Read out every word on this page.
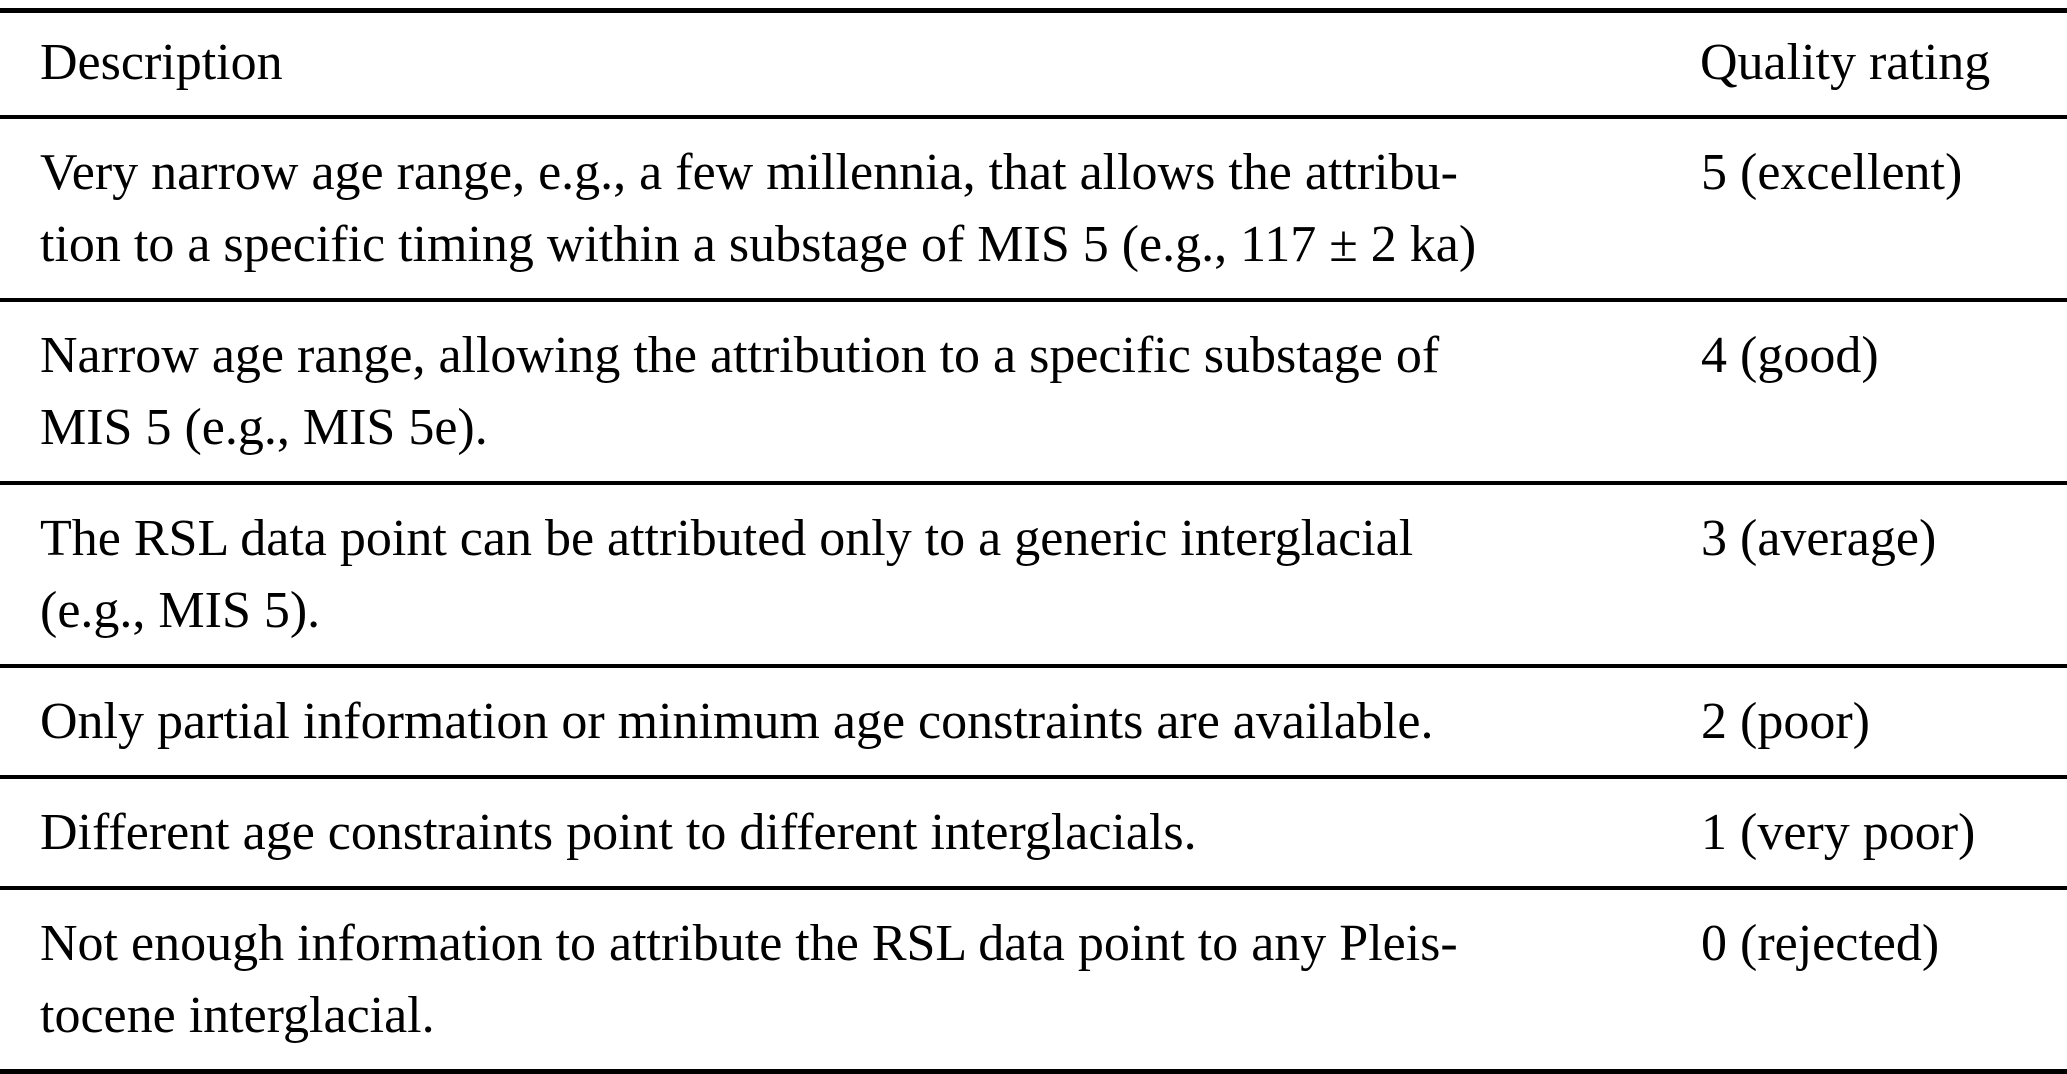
Description	Quality rating

Very narrow age range, e.g., a few millennia, that allows the attribu-
tion to a specific timing within a substage of MIS 5 (e.g., 117 ± 2 ka)	5 (excellent)

Narrow age range, allowing the attribution to a specific substage of
MIS 5 (e.g., MIS 5e).	4 (good)

The RSL data point can be attributed only to a generic interglacial
(e.g., MIS 5).	3 (average)

Only partial information or minimum age constraints are available.	2 (poor)

Different age constraints point to different interglacials.	1 (very poor)

Not enough information to attribute the RSL data point to any Pleis-
tocene interglacial.	0 (rejected)
